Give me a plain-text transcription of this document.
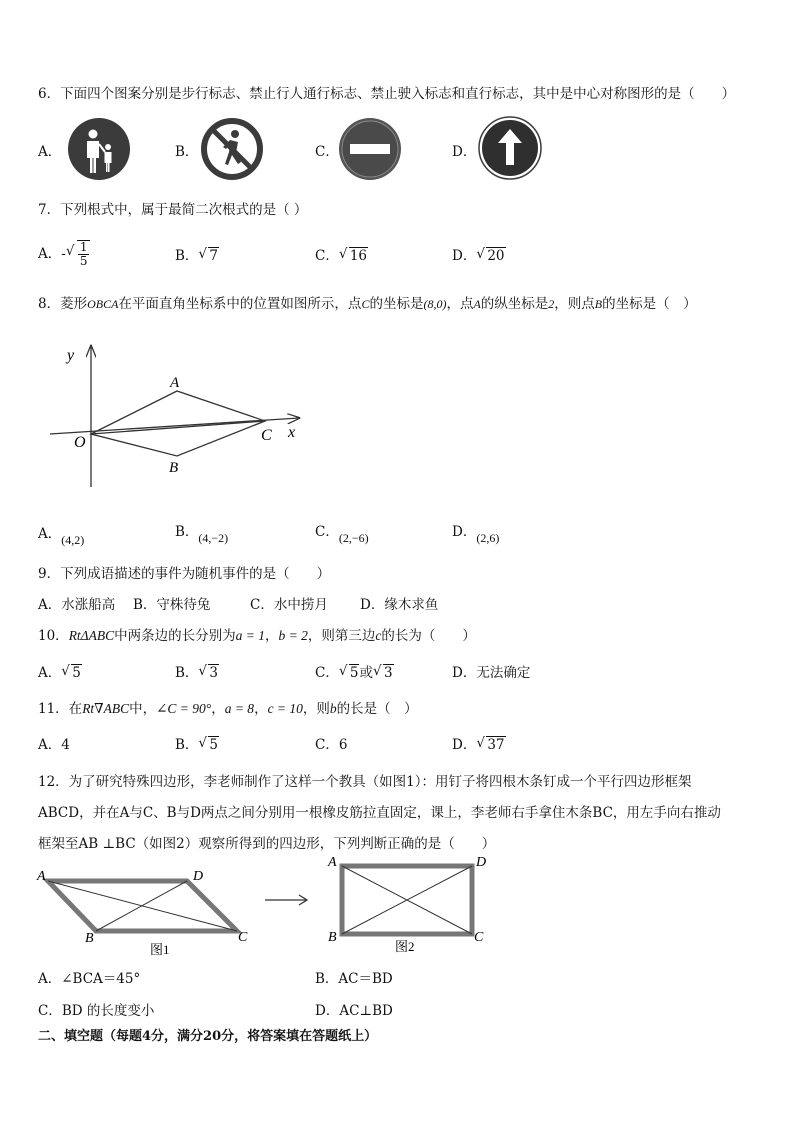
6．下面四个图案分别是步行标志、禁止行人通行标志、禁止驶入标志和直行标志，其中是中心对称图形的是（　　）
A．	B．	C．	D．
7．下列根式中，属于最简二次根式的是（ ）
A．- √ $\frac{1}{5}$	B． √ 7	C． √ 16	D． √ 20
8．菱形OBCA在平面直角坐标系中的位置如图所示，点C的坐标是(8,0)，点A的纵坐标是2，则点B的坐标是（　）
y
x
O
A
B
C
A．(4,2)	B．(4,−2)	C．(2,−6)	D．(2,6)
9．下列成语描述的事件为随机事件的是（　　）
A．水涨船高 B．守株待兔	C．水中捞月 D．缘木求鱼
10．RtΔABC中两条边的长分别为a = 1，b = 2，则第三边c的长为（　　）
A． √ 5	B． √ 3	C． √ 5或 √ 3	D．无法确定
11．在Rt∇ABC中，∠C = 90°，a = 8，c = 10，则b的长是（　）
A．4	B． √ 5	C．6	D． √ 37
12．为了研究特殊四边形，李老师制作了这样一个教具（如图1）：用钉子将四根木条钉成一个平行四边形框架
ABCD，并在A与C、B与D两点之间分别用一根橡皮筋拉直固定，课上，李老师右手拿住木条BC，用左手向右推动
框架至AB ⊥BC（如图2）观察所得到的四边形，下列判断正确的是（　　）
A	D
B	C
图1
A	D
B	C
图2
A．∠BCA＝45°	B．AC＝BD
C．BD 的长度变小	D．AC⊥BD
二、填空题（每题4分，满分20分，将答案填在答题纸上）
